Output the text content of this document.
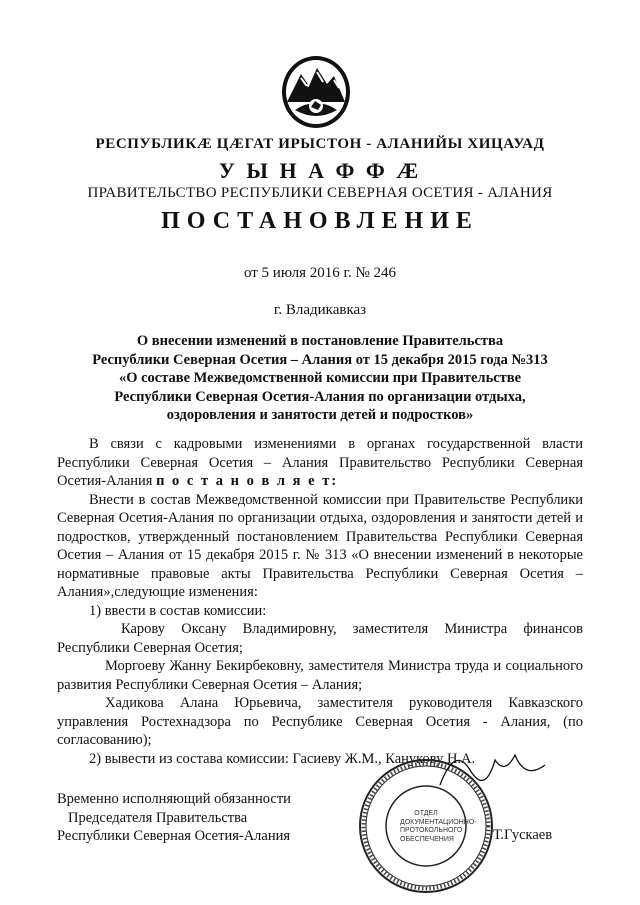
РЕСПУБЛИКӔ ЦӔГАТ ИРЫСТОН - АЛАНИЙЫ ХИЦАУАД
У Ы Н А Ф Ф Ӕ
ПРАВИТЕЛЬСТВО РЕСПУБЛИКИ СЕВЕРНАЯ ОСЕТИЯ - АЛАНИЯ
ПОСТАНОВЛЕНИЕ
от 5 июля 2016 г. № 246
г. Владикавказ
О внесении изменений в постановление Правительства
Республики Северная Осетия – Алания от 15 декабря 2015 года №313
«О составе Межведомственной комиссии при Правительстве
Республики Северная Осетия-Алания по организации отдыха,
оздоровления и занятости детей и подростков»

В связи с кадровыми изменениями в органах государственной власти Республики Северная Осетия – Алания Правительство Республики Северная Осетия-Алания п о с т а н о в л я е т:

Внести в состав Межведомственной комиссии при Правительстве Республики Северная Осетия-Алания по организации отдыха, оздоровления и занятости детей и подростков, утвержденный постановлением Правительства Республики Северная Осетия – Алания от 15 декабря 2015 г. № 313 «О внесении изменений в некоторые нормативные правовые акты Правительства Республики Северная Осетия – Алания»,следующие изменения:

1) ввести в состав комиссии:

Карову Оксану Владимировну, заместителя Министра финансов Республики Северная Осетия;

Моргоеву Жанну Бекирбековну, заместителя Министра труда и социального развития Республики Северная Осетия – Алания;

Хадикова Алана Юрьевича, заместителя руководителя Кавказского управления Ростехнадзора по Республике Северная Осетия - Алания, (по согласованию);

2) вывести из состава комиссии: Гасиеву Ж.М., Канукову Н.А.

ОТДЕЛ
ДОКУМЕНТАЦИОННО-
ПРОТОКОЛЬНОГО
ОБЕСПЕЧЕНИЯ
Временно исполняющий обязанности
Председателя Правительства
Республики Северная Осетия-Алания	Т.Гускаев
